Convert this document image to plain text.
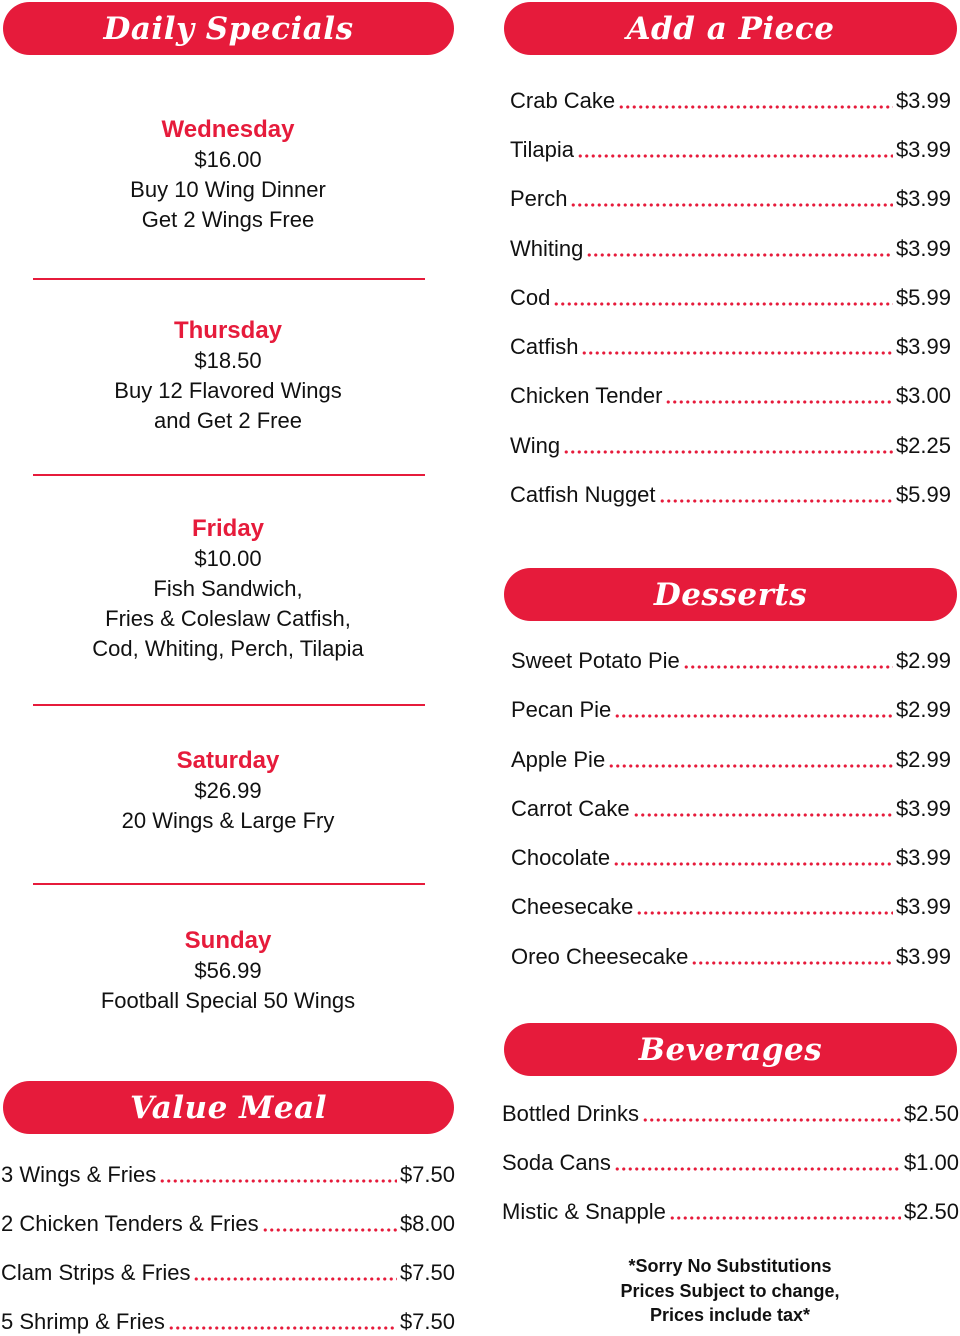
Daily Specials	Add a Piece
Desserts
Beverages
Value Meal
Wednesday
$16.00
Buy 10 Wing Dinner
Get 2 Wings Free
Thursday
$18.50
Buy 12 Flavored Wings
and Get 2 Free
Friday
$10.00
Fish Sandwich,
Fries & Coleslaw Catfish,
Cod, Whiting, Perch, Tilapia
Saturday
$26.99
20 Wings & Large Fry
Sunday
$56.99
Football Special 50 Wings
Crab Cake	$3.99
Tilapia	$3.99
Perch	$3.99
Whiting	$3.99
Cod	$5.99
Catfish	$3.99
Chicken Tender	$3.00
Wing	$2.25
Catfish Nugget	$5.99
Sweet Potato Pie	$2.99
Pecan Pie	$2.99
Apple Pie	$2.99
Carrot Cake	$3.99
Chocolate	$3.99
Cheesecake	$3.99
Oreo Cheesecake	$3.99
Bottled Drinks	$2.50
Soda Cans	$1.00
Mistic & Snapple	$2.50
3 Wings & Fries	$7.50
2 Chicken Tenders & Fries	$8.00
Clam Strips & Fries	$7.50
5 Shrimp & Fries	$7.50
*Sorry No Substitutions
Prices Subject to change,
Prices include tax*
